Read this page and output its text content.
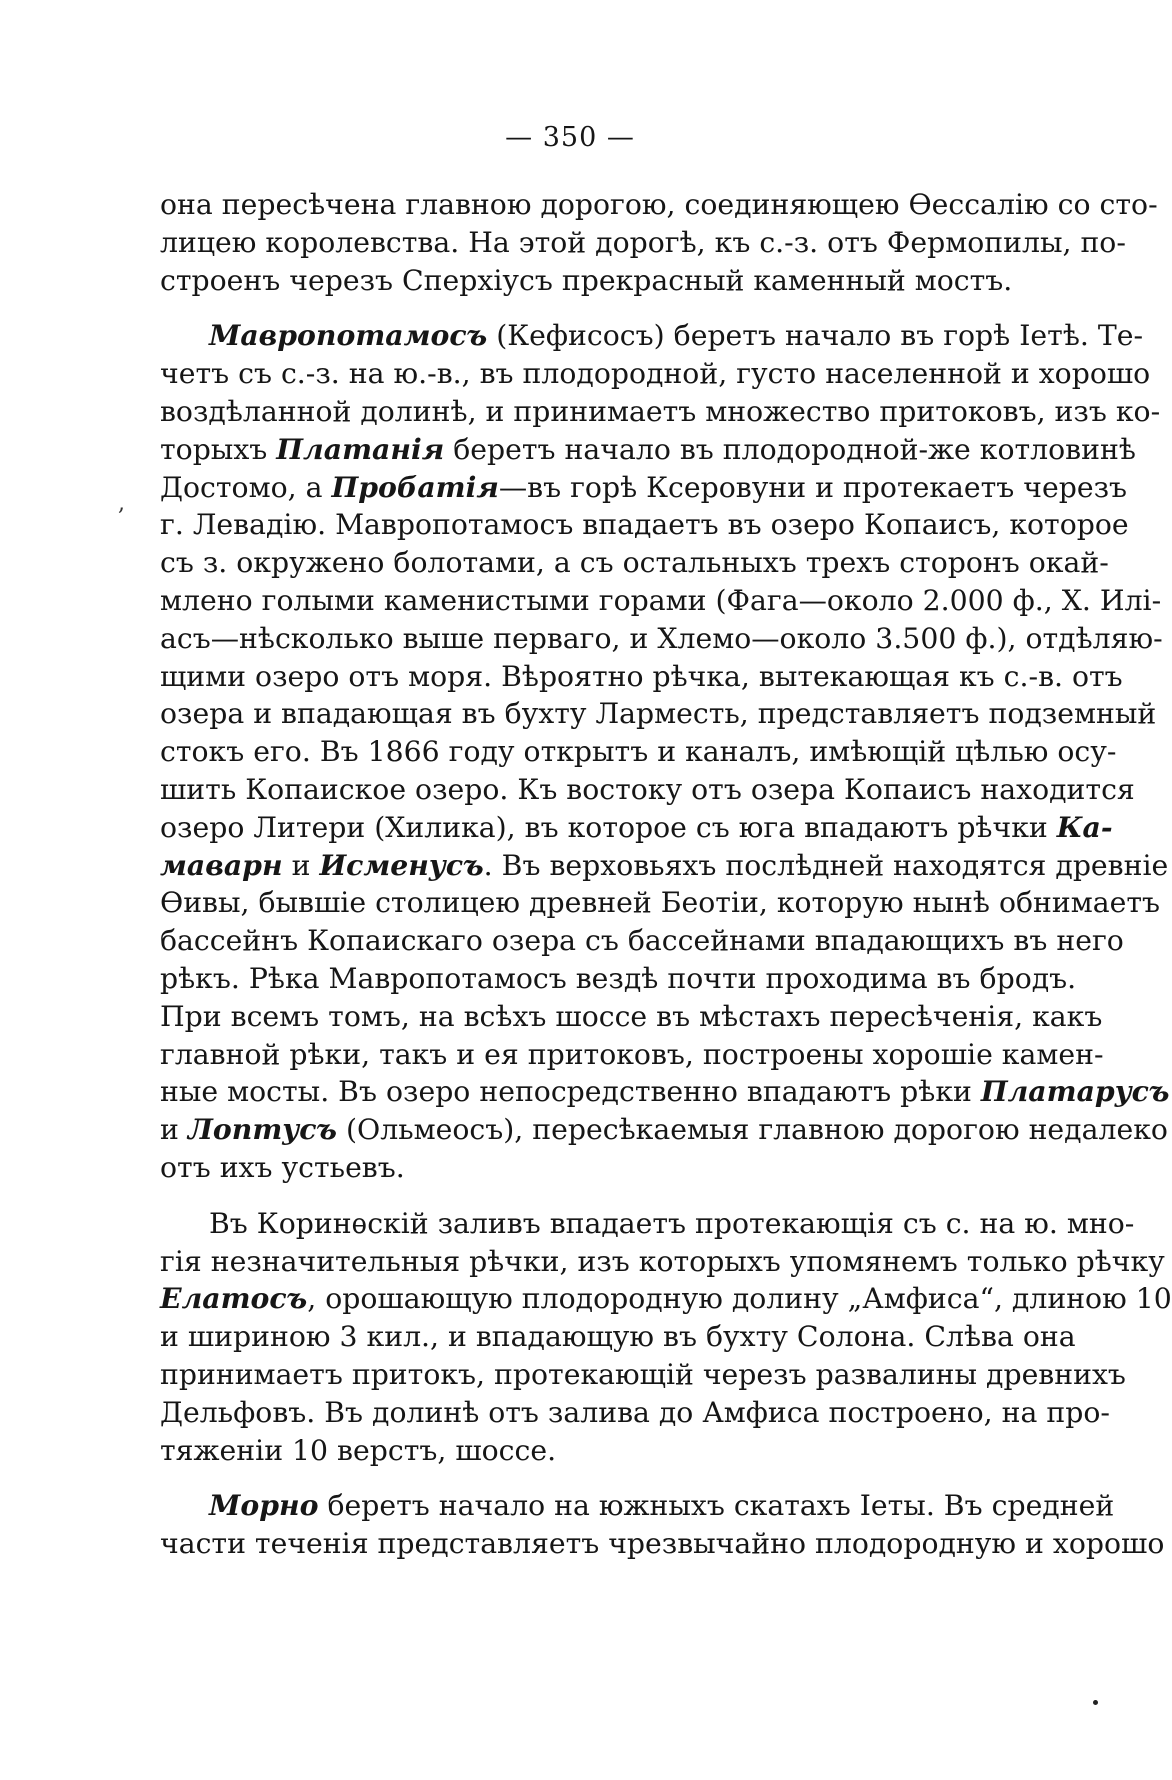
— 350 —
она пересѣчена главною дорогою, соединяющею Ѳессалію со сто-
лицею королевства. На этой дорогѣ, къ с.-з. отъ Фермопилы, по-
строенъ черезъ Сперхіусъ прекрасный каменный мостъ.
Мавропотамосъ (Кефисосъ) беретъ начало въ горѣ Іетѣ. Те-
четъ съ с.-з. на ю.-в., въ плодородной, густо населенной и хорошо
воздѣланной долинѣ, и принимаетъ множество притоковъ, изъ ко-
торыхъ Платанія беретъ начало въ плодородной-же котловинѣ
Достомо, а Пробатія—въ горѣ Ксеровуни и протекаетъ черезъ
г. Левадію. Мавропотамосъ впадаетъ въ озеро Копаисъ, которое
съ з. окружено болотами, а съ остальныхъ трехъ сторонъ окай-
млено голыми каменистыми горами (Фага—около 2.000 ф., Х. Илі-
асъ—нѣсколько выше перваго, и Хлемо—около 3.500 ф.), отдѣляю-
щими озеро отъ моря. Вѣроятно рѣчка, вытекающая къ с.-в. отъ
озера и впадающая въ бухту Ларместь, представляетъ подземный
стокъ его. Въ 1866 году открытъ и каналъ, имѣющій цѣлью осу-
шить Копаиское озеро. Къ востоку отъ озера Копаисъ находится
озеро Литери (Хилика), въ которое съ юга впадаютъ рѣчки Ка-
маварн и Исменусъ. Въ верховьяхъ послѣдней находятся древніе
Ѳивы, бывшіе столицею древней Беотіи, которую нынѣ обнимаетъ
бассейнъ Копаискаго озера съ бассейнами впадающихъ въ него
рѣкъ. Рѣка Мавропотамосъ вездѣ почти проходима въ бродъ.
При всемъ томъ, на всѣхъ шоссе въ мѣстахъ пересѣченія, какъ
главной рѣки, такъ и ея притоковъ, построены хорошіе камен-
ные мосты. Въ озеро непосредственно впадаютъ рѣки Платарусъ
и Лоптусъ (Ольмеосъ), пересѣкаемыя главною дорогою недалеко
отъ ихъ устьевъ.
Въ Коринѳскій заливъ впадаетъ протекающія съ с. на ю. мно-
гія незначительныя рѣчки, изъ которыхъ упомянемъ только рѣчку
Елатосъ, орошающую плодородную долину „Амфиса“, длиною 10
и шириною 3 кил., и впадающую въ бухту Солона. Слѣва она
принимаетъ притокъ, протекающій черезъ развалины древнихъ
Дельфовъ. Въ долинѣ отъ залива до Амфиса построено, на про-
тяженіи 10 верстъ, шоссе.
Морно беретъ начало на южныхъ скатахъ Іеты. Въ средней
части теченія представляетъ чрезвычайно плодородную и хорошо
,
